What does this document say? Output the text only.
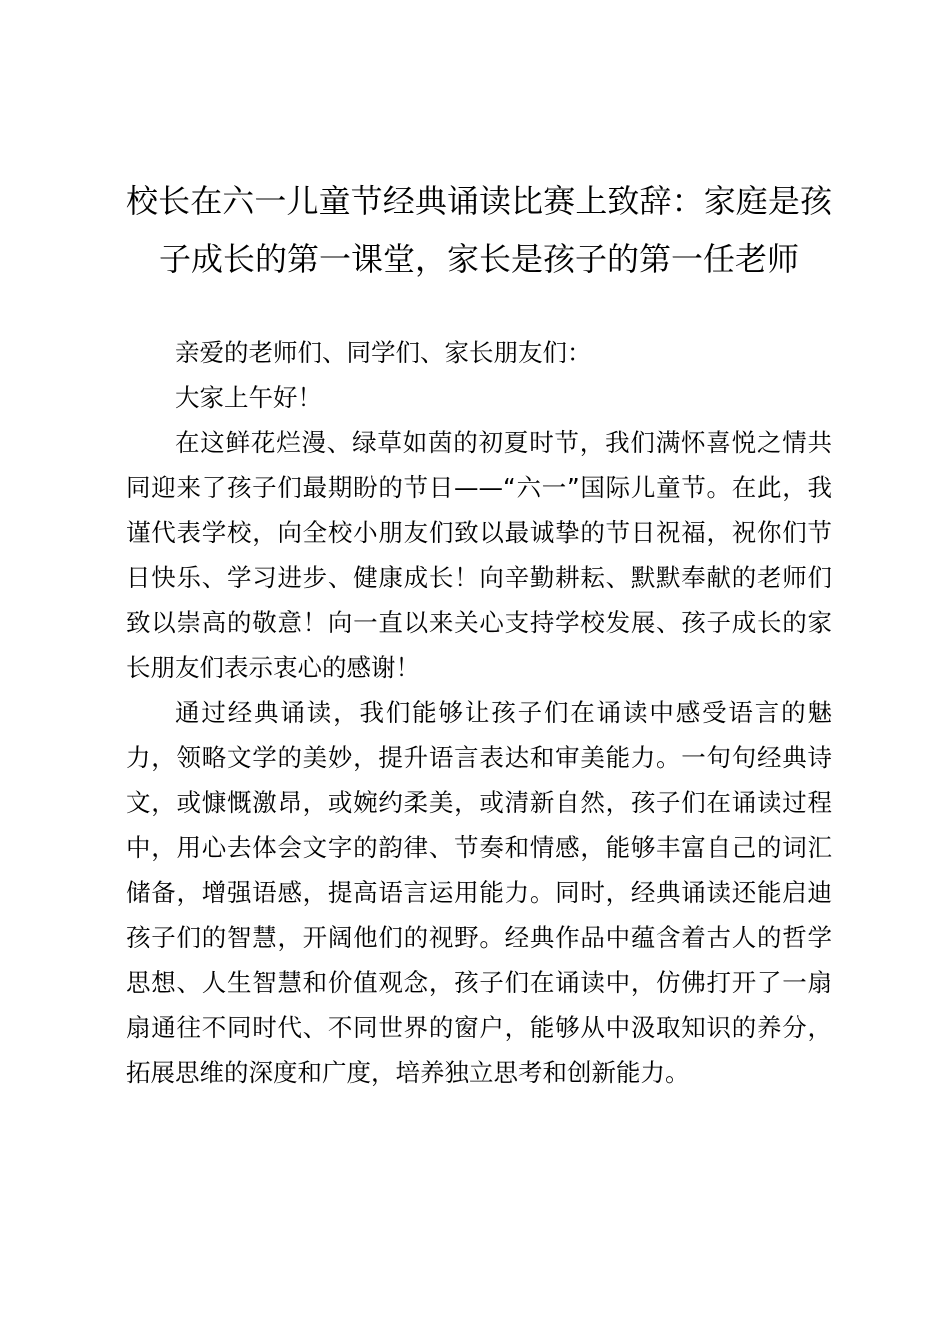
校长在六一儿童节经典诵读比赛上致辞：家庭是孩子成长的第一课堂，家长是孩子的第一任老师

亲爱的老师们、同学们、家长朋友们：

大家上午好！

在这鲜花烂漫、绿草如茵的初夏时节，我们满怀喜悦之情共同迎来了孩子们最期盼的节日——“六一”国际儿童节。在此，我谨代表学校，向全校小朋友们致以最诚挚的节日祝福，祝你们节日快乐、学习进步、健康成长！向辛勤耕耘、默默奉献的老师们致以崇高的敬意！向一直以来关心支持学校发展、孩子成长的家长朋友们表示衷心的感谢！

通过经典诵读，我们能够让孩子们在诵读中感受语言的魅力，领略文学的美妙，提升语言表达和审美能力。一句句经典诗文，或慷慨激昂，或婉约柔美，或清新自然，孩子们在诵读过程中，用心去体会文字的韵律、节奏和情感，能够丰富自己的词汇储备，增强语感，提高语言运用能力。同时，经典诵读还能启迪孩子们的智慧，开阔他们的视野。经典作品中蕴含着古人的哲学思想、人生智慧和价值观念，孩子们在诵读中，仿佛打开了一扇扇通往不同时代、不同世界的窗户，能够从中汲取知识的养分，拓展思维的深度和广度，培养独立思考和创新能力。
